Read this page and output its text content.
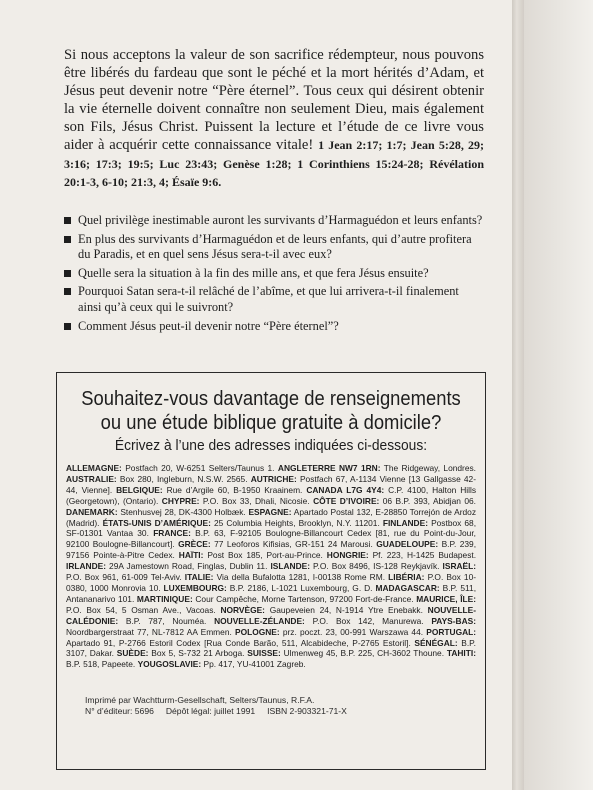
Si nous acceptons la valeur de son sacrifice rédempteur, nous pouvons être libérés du fardeau que sont le péché et la mort hérités d’Adam, et Jésus peut devenir notre “Père éternel”. Tous ceux qui désirent obtenir la vie éternelle doivent connaître non seulement Dieu, mais également son Fils, Jésus Christ. Puissent la lecture et l’étude de ce livre vous aider à acquérir cette connaissance vitale! 1 Jean 2:17; 1:7; Jean 5:28, 29; 3:16; 17:3; 19:5; Luc 23:43; Genèse 1:28; 1 Corinthiens 15:24-28; Révélation 20:1-3, 6-10; 21:3, 4; Ésaïe 9:6.

Quel privilège inestimable auront les survivants d’Harmaguédon et leurs enfants?
En plus des survivants d’Harmaguédon et de leurs enfants, qui d’autre profitera du Paradis, et en quel sens Jésus sera-t-il avec eux?
Quelle sera la situation à la fin des mille ans, et que fera Jésus ensuite?
Pourquoi Satan sera-t-il relâché de l’abîme, et que lui arrivera-t-il finalement ainsi qu’à ceux qui le suivront?
Comment Jésus peut-il devenir notre “Père éternel”?
Souhaitez-vous davantage de renseignements
ou une étude biblique gratuite à domicile?

Écrivez à l’une des adresses indiquées ci-dessous:

ALLEMAGNE: Postfach 20, W-6251 Selters/Taunus 1. ANGLETERRE NW7 1RN: The Ridgeway, Londres. AUSTRALIE: Box 280, Ingleburn, N.S.W. 2565. AUTRICHE: Postfach 67, A-1134 Vienne [13 Gallgasse 42-44, Vienne]. BELGIQUE: Rue d’Argile 60, B-1950 Kraainem. CANADA L7G 4Y4: C.P. 4100, Halton Hills (Georgetown), (Ontario). CHYPRE: P.O. Box 33, Dhali, Nicosie. CÔTE D’IVOIRE: 06 B.P. 393, Abidjan 06. DANEMARK: Stenhusvej 28, DK-4300 Holbæk. ESPAGNE: Apartado Postal 132, E-28850 Torrejón de Ardoz (Madrid). ÉTATS-UNIS D’AMÉRIQUE: 25 Columbia Heights, Brooklyn, N.Y. 11201. FINLANDE: Postbox 68, SF-01301 Vantaa 30. FRANCE: B.P. 63, F-92105 Boulogne-Billancourt Cedex [81, rue du Point-du-Jour, 92100 Boulogne-Billancourt]. GRÈCE: 77 Leoforos Kifisias, GR-151 24 Marousi. GUADELOUPE: B.P. 239, 97156 Pointe-à-Pitre Cedex. HAÏTI: Post Box 185, Port-au-Prince. HONGRIE: Pf. 223, H-1425 Budapest. IRLANDE: 29A Jamestown Road, Finglas, Dublin 11. ISLANDE: P.O. Box 8496, IS-128 Reykjavík. ISRAËL: P.O. Box 961, 61-009 Tel-Aviv. ITALIE: Via della Bufalotta 1281, I-00138 Rome RM. LIBÉRIA: P.O. Box 10-0380, 1000 Monrovia 10. LUXEMBOURG: B.P. 2186, L-1021 Luxembourg, G. D. MADAGASCAR: B.P. 511, Antananarivo 101. MARTINIQUE: Cour Campêche, Morne Tartenson, 97200 Fort-de-France. MAURICE, ÎLE: P.O. Box 54, 5 Osman Ave., Vacoas. NORVÈGE: Gaupeveien 24, N-1914 Ytre Enebakk. NOUVELLE-CALÉDONIE: B.P. 787, Nouméa. NOUVELLE-ZÉLANDE: P.O. Box 142, Manurewa. PAYS-BAS: Noordbargerstraat 77, NL-7812 AA Emmen. POLOGNE: prz. poczt. 23, 00-991 Warszawa 44. PORTUGAL: Apartado 91, P-2766 Estoril Codex [Rua Conde Barão, 511, Alcabideche, P-2765 Estoril]. SÉNÉGAL: B.P. 3107, Dakar. SUÈDE: Box 5, S-732 21 Arboga. SUISSE: Ulmenweg 45, B.P. 225, CH-3602 Thoune. TAHITI: B.P. 518, Papeete. YOUGOSLAVIE: Pp. 417, YU-41001 Zagreb.

Imprimé par Wachtturm-Gesellschaft, Selters/Taunus, R.F.A.
N° d’éditeur: 5696     Dépôt légal: juillet 1991     ISBN 2-903321-71-X
